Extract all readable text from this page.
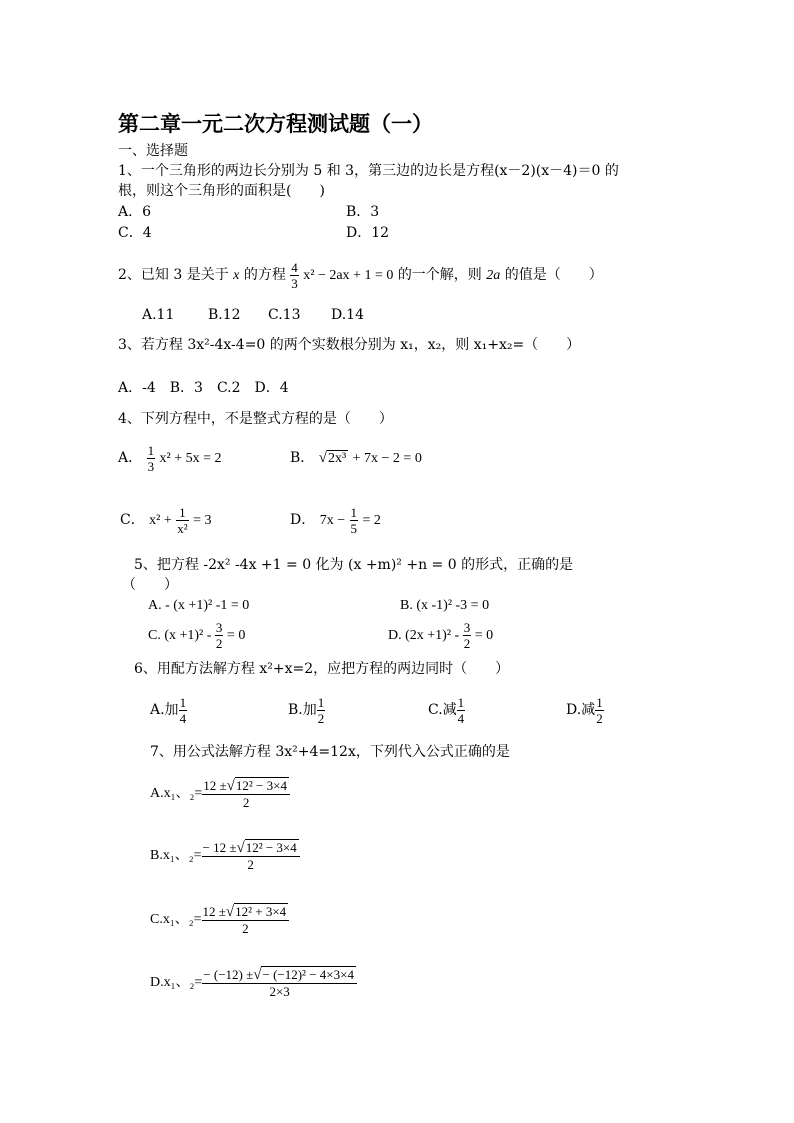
第二章一元二次方程测试题（一）
一、选择题
1、一个三角形的两边长分别为 5 和 3，第三边的边长是方程(x－2)(x－4)＝0 的
根，则这个三角形的面积是(　　)
A．6	B．3
C．4	D．12
2、已知 3 是关于 x 的方程 $\frac{4}{3} x^2 - 2ax + 1 = 0$ 的一个解，则 2a 的值是（　　）
A.11 B.12 C.13 D.14
3、若方程 3x²-4x-4=0 的两个实数根分别为 x₁，x₂，则 x₁+x₂=（　　）
A．-4　B．3　C.2　D．4
4、下列方程中，不是整式方程的是（　　）
A． $\frac{1}{3} x^2 + 5x = 2$	B． √2x³ + 7x − 2 = 0
C． $x^2 + \frac{1}{\text{x²}} = 3$	D． $7x - \frac{1}{5} = 2$
5、把方程 -2x² -4x +1 = 0 化为 (x +m)² +n = 0 的形式，正确的是
（　　）
A. - (x +1)² -1 = 0	B. (x -1)² -3 = 0
C. $(x +1)^2 - \frac{3}{2} = 0$	D. $(2x +1)^2 - \frac{3}{2} = 0$
6、用配方法解方程 x²+x=2，应把方程的两边同时（　　）
A.加 $\frac{1}{4}$	B.加 $\frac{1}{2}$	C.减 $\frac{1}{4}$	D.减 $\frac{1}{2}$
7、用公式法解方程 3x²+4=12x，下列代入公式正确的是
A.x₁、$_2= \frac{\text{12 ±√12² − 3×4}}{2}$
B.x₁、$_2= \frac{\text{− 12 ±√12² − 3×4}}{2}$
C.x₁、$_2= \frac{\text{12 ±√12² + 3×4}}{2}$
D.x₁、$_2= \frac{\text{− (−12) ±√− (−12)² − 4×3×4}}{2\times 3}$
